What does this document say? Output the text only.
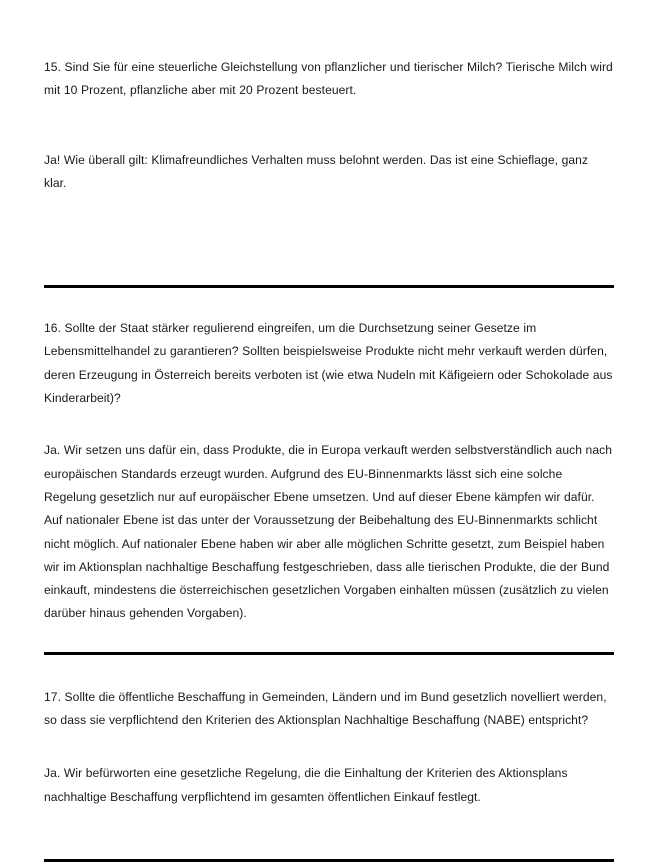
15. Sind Sie für eine steuerliche Gleichstellung von pflanzlicher und tierischer Milch? Tierische Milch wird mit 10 Prozent, pflanzliche aber mit 20 Prozent besteuert.

Ja! Wie überall gilt: Klimafreundliches Verhalten muss belohnt werden. Das ist eine Schieflage, ganz klar.

16. Sollte der Staat stärker regulierend eingreifen, um die Durchsetzung seiner Gesetze im Lebensmittelhandel zu garantieren? Sollten beispielsweise Produkte nicht mehr verkauft werden dürfen, deren Erzeugung in Österreich bereits verboten ist (wie etwa Nudeln mit Käfigeiern oder Schokolade aus Kinderarbeit)?

Ja. Wir setzen uns dafür ein, dass Produkte, die in Europa verkauft werden selbstverständlich auch nach europäischen Standards erzeugt wurden. Aufgrund des EU-Binnenmarkts lässt sich eine solche Regelung gesetzlich nur auf europäischer Ebene umsetzen. Und auf dieser Ebene kämpfen wir dafür. Auf nationaler Ebene ist das unter der Voraussetzung der Beibehaltung des EU-Binnenmarkts schlicht nicht möglich. Auf nationaler Ebene haben wir aber alle möglichen Schritte gesetzt, zum Beispiel haben wir im Aktionsplan nachhaltige Beschaffung festgeschrieben, dass alle tierischen Produkte, die der Bund einkauft, mindestens die österreichischen gesetzlichen Vorgaben einhalten müssen (zusätzlich zu vielen darüber hinaus gehenden Vorgaben).

17. Sollte die öffentliche Beschaffung in Gemeinden, Ländern und im Bund gesetzlich novelliert werden, so dass sie verpflichtend den Kriterien des Aktionsplan Nachhaltige Beschaffung (NABE) entspricht?

Ja. Wir befürworten eine gesetzliche Regelung, die die Einhaltung der Kriterien des Aktionsplans nachhaltige Beschaffung verpflichtend im gesamten öffentlichen Einkauf festlegt.
